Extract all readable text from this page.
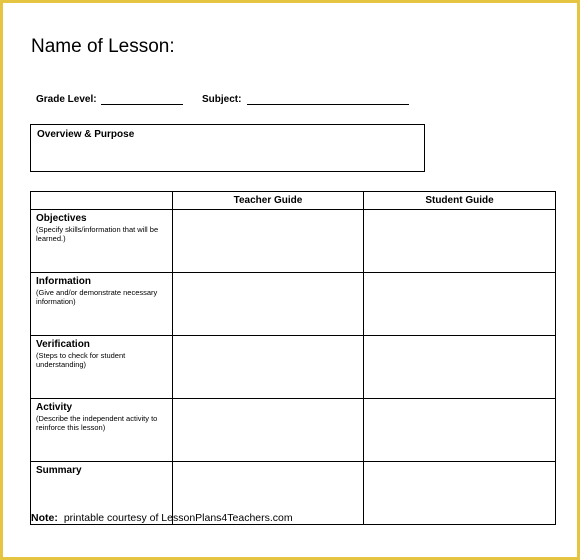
Name of Lesson:
Grade Level:	Subject:
Overview & Purpose
	Teacher Guide	Student Guide

Objectives
(Specify skills/information that will be learned.)		

Information
(Give and/or demonstrate necessary information)		

Verification
(Steps to check for student understanding)		

Activity
(Describe the independent activity to reinforce this lesson)		

Summary		

Note: printable courtesy of LessonPlans4Teachers.com
